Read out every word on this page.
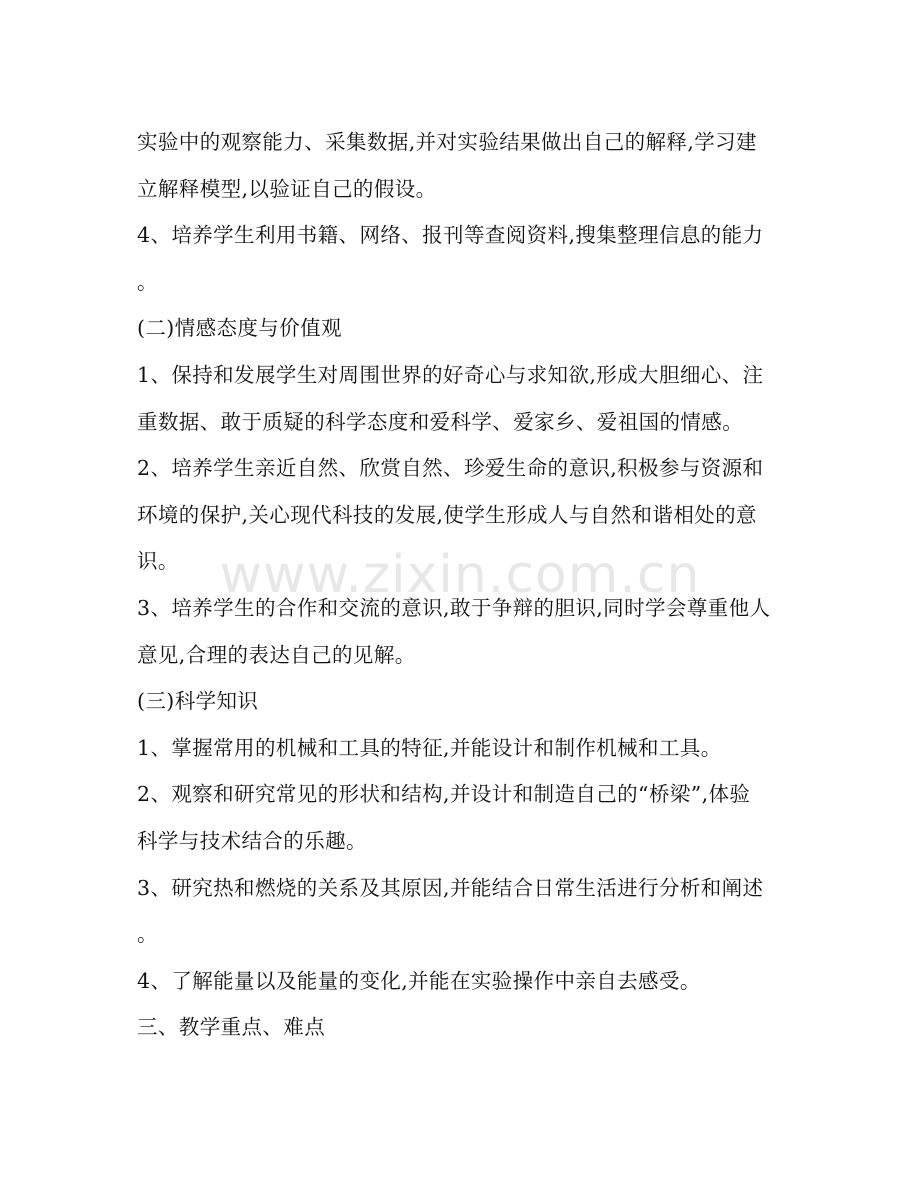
实验中的观察能力、采集数据,并对实验结果做出自己的解释,学习建
立解释模型,以验证自己的假设。
4、培养学生利用书籍、网络、报刊等查阅资料,搜集整理信息的能力
。
(二)情感态度与价值观
1、保持和发展学生对周围世界的好奇心与求知欲,形成大胆细心、注
重数据、敢于质疑的科学态度和爱科学、爱家乡、爱祖国的情感。
2、培养学生亲近自然、欣赏自然、珍爱生命的意识,积极参与资源和
环境的保护,关心现代科技的发展,使学生形成人与自然和谐相处的意
识。
3、培养学生的合作和交流的意识,敢于争辩的胆识,同时学会尊重他人
意见,合理的表达自己的见解。
(三)科学知识
1、掌握常用的机械和工具的特征,并能设计和制作机械和工具。
2、观察和研究常见的形状和结构,并设计和制造自己的“桥梁”,体验
科学与技术结合的乐趣。
3、研究热和燃烧的关系及其原因,并能结合日常生活进行分析和阐述
。
4、了解能量以及能量的变化,并能在实验操作中亲自去感受。
三、教学重点、难点
www.zixin.com.cn
